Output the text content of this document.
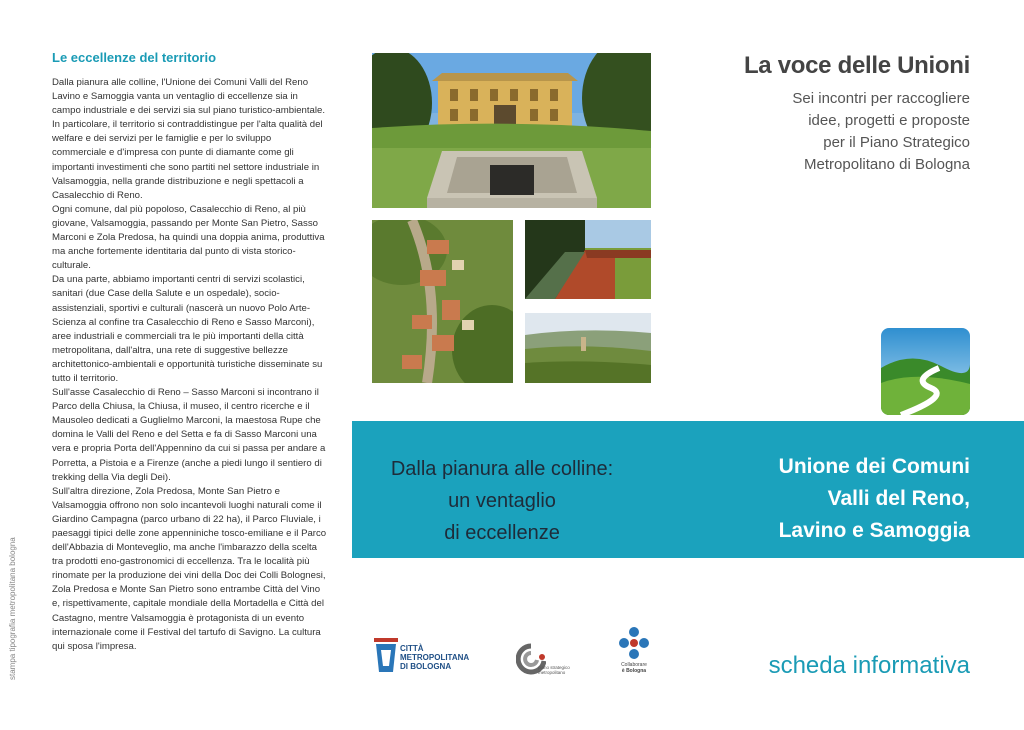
stampa tipografia metropolitana bologna
Le eccellenze del territorio

Dalla pianura alle colline, l'Unione dei Comuni Valli del Reno Lavino e Samoggia vanta un ventaglio di eccellenze sia in campo industriale e dei servizi sia sul piano turistico-ambientale.

In particolare, il territorio si contraddistingue per l'alta qualità del welfare e dei servizi per le famiglie e per lo sviluppo commerciale e d'impresa con punte di diamante come gli importanti investimenti che sono partiti nel settore industriale in Valsamoggia, nella grande distribuzione e negli spettacoli a Casalecchio di Reno.

Ogni comune, dal più popoloso, Casalecchio di Reno, al più giovane, Valsamoggia, passando per Monte San Pietro, Sasso Marconi e Zola Predosa, ha quindi una doppia anima, produttiva ma anche fortemente identitaria dal punto di vista storico-culturale.

Da una parte, abbiamo importanti centri di servizi scolastici, sanitari (due Case della Salute e un ospedale), socio-assistenziali, sportivi e culturali (nascerà un nuovo Polo Arte-Scienza al confine tra Casalecchio di Reno e Sasso Marconi), aree industriali e commerciali tra le più importanti della città metropolitana, dall'altra, una rete di suggestive bellezze architettonico-ambientali e opportunità turistiche disseminate su tutto il territorio.

Sull'asse Casalecchio di Reno – Sasso Marconi si incontrano il Parco della Chiusa, la Chiusa, il museo, il centro ricerche e il Mausoleo dedicati a Guglielmo Marconi, la maestosa Rupe che domina le Valli del Reno e del Setta e fa di Sasso Marconi una vera e propria Porta dell'Appennino da cui si passa per andare a Porretta, a Pistoia e a Firenze (anche a piedi lungo il sentiero di trekking della Via degli Dei).

Sull'altra direzione, Zola Predosa, Monte San Pietro e Valsamoggia offrono non solo incantevoli luoghi naturali come il Giardino Campagna (parco urbano di 22 ha), il Parco Fluviale, i paesaggi tipici delle zone appenniniche tosco-emiliane e il Parco dell'Abbazia di Monteveglio, ma anche l'imbarazzo della scelta tra prodotti eno-gastronomici di eccellenza. Tra le località più rinomate per la produzione dei vini della Doc dei Colli Bolognesi, Zola Predosa e Monte San Pietro sono entrambe Città del Vino e, rispettivamente, capitale mondiale della Mortadella e Città del Castagno, mentre Valsamoggia è protagonista di un evento internazionale come il Festival del tartufo di Savigno. La cultura qui sposa l'impresa.

La voce delle Unioni
Sei incontri per raccogliere
idee, progetti e proposte
per il Piano Strategico
Metropolitano di Bologna
Dalla pianura alle colline:
un ventaglio
di eccellenze
Unione dei Comuni
Valli del Reno,
Lavino e Samoggia
CITTÀ
METROPOLITANA
DI BOLOGNA	piano strategico
metropolitano
Collaborare
è Bologna	scheda informativa
